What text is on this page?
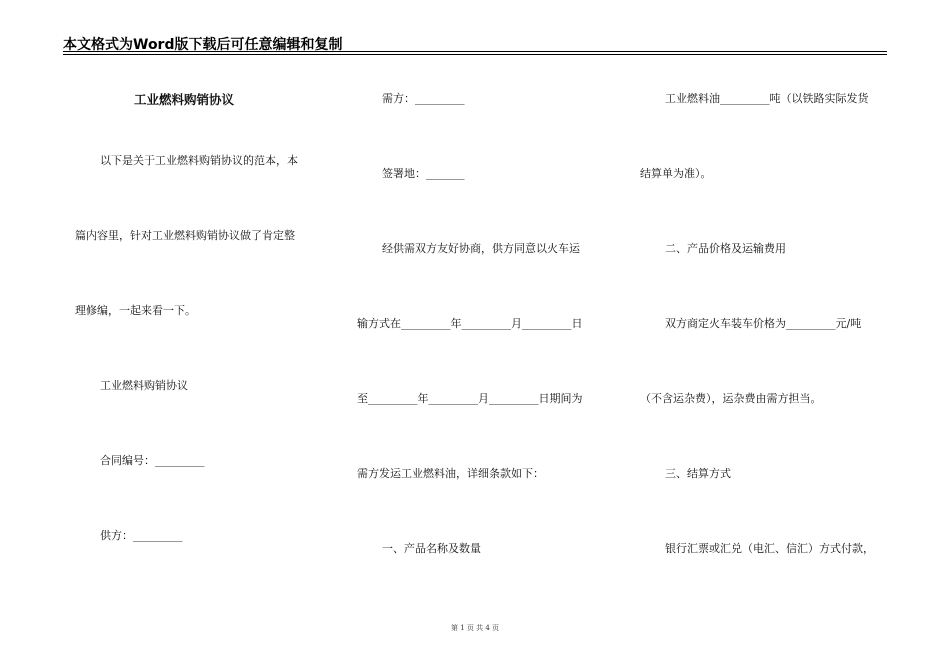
本文格式为Word版下载后可任意编辑和复制
工业燃料购销协议
以下是关于工业燃料购销协议的范本，本
篇内容里，针对工业燃料购销协议做了肯定整
理修编，一起来看一下。
工业燃料购销协议
合同编号：_________
供方：_________
需方：_________
签署地：_______
经供需双方友好协商，供方同意以火车运
输方式在_________年_________月_________日
至_________年_________月_________日期间为
需方发运工业燃料油，详细条款如下：
一、产品名称及数量
工业燃料油_________吨（以铁路实际发货
结算单为准）。
二、产品价格及运输费用
双方商定火车装车价格为_________元/吨
（不含运杂费），运杂费由需方担当。
三、结算方式
银行汇票或汇兑（电汇、信汇）方式付款，
第 1 页 共 4 页
